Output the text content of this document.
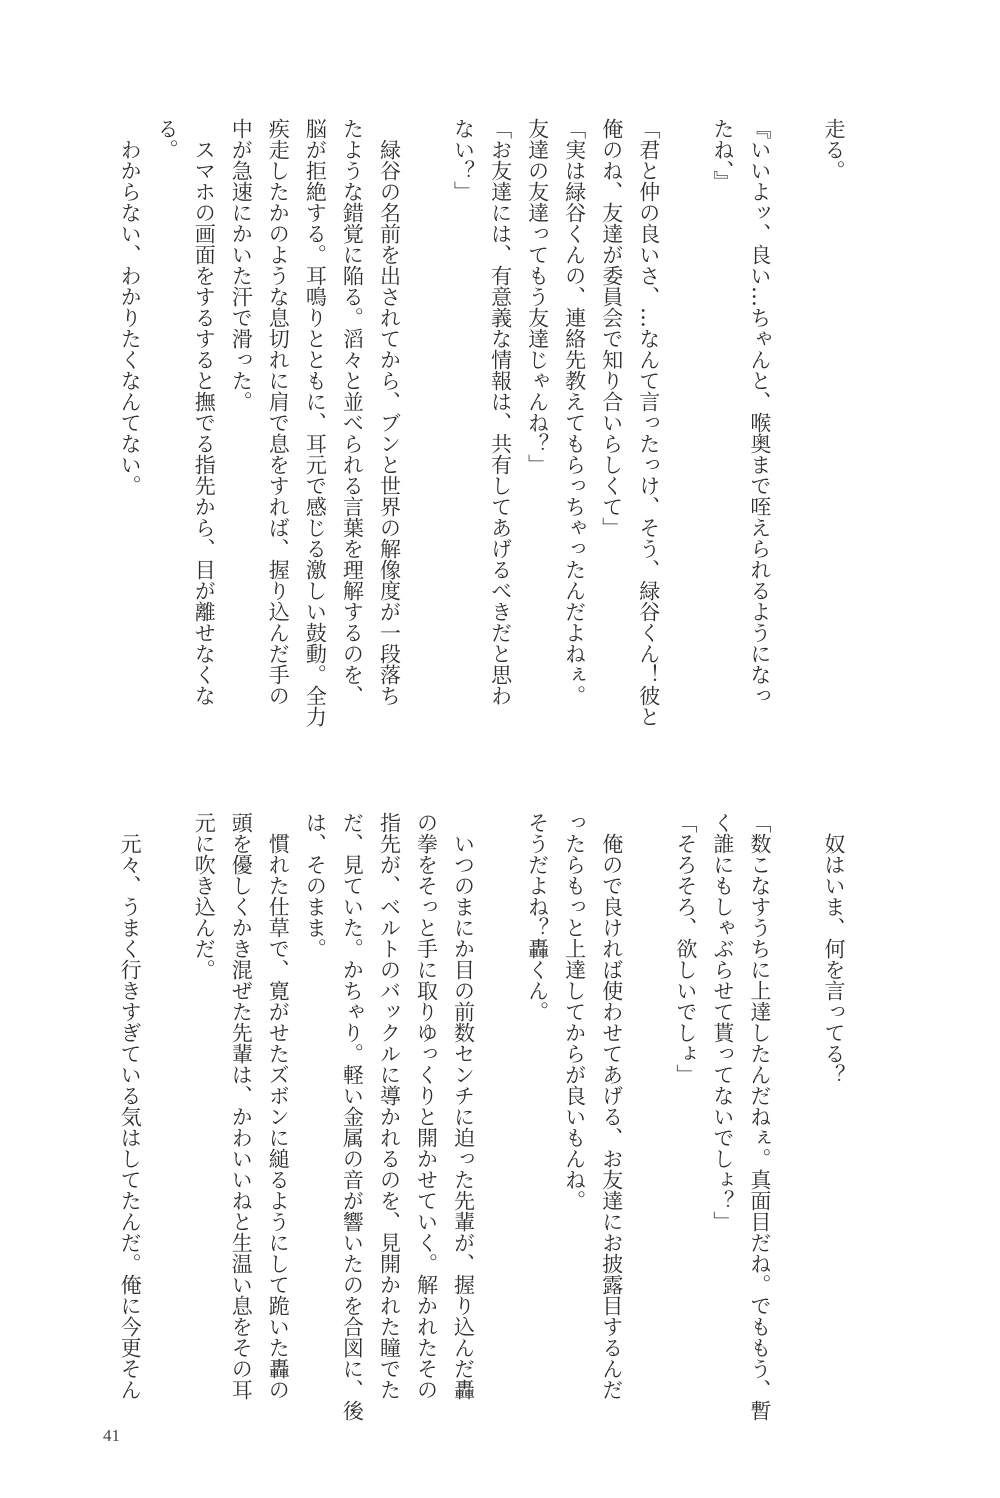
走る。
『いいよッ、良い…ちゃんと、喉奥まで咥えられるようになっ
たね、』
「君と仲の良いさ、…なんて言ったっけ、そう、緑谷くん！彼と
俺のね、友達が委員会で知り合いらしくて」
「実は緑谷くんの、連絡先教えてもらっちゃったんだよねぇ。
友達の友達ってもう友達じゃんね？」
「お友達には、有意義な情報は、共有してあげるべきだと思わ
ない？」
　緑谷の名前を出されてから、ブンと世界の解像度が一段落ち
たような錯覚に陥る。滔々と並べられる言葉を理解するのを、
脳が拒絶する。耳鳴りとともに、耳元で感じる激しい鼓動。全力
疾走したかのような息切れに肩で息をすれば、握り込んだ手の
中が急速にかいた汗で滑った。
　スマホの画面をするすると撫でる指先から、目が離せなくな
る。
　わからない、わかりたくなんてない。
　奴はいま、何を言ってる？
「数こなすうちに上達したんだねぇ。真面目だね。でももう、暫
く誰にもしゃぶらせて貰ってないでしょ？」
「そろそろ、欲しいでしょ」
　俺ので良ければ使わせてあげる、お友達にお披露目するんだ
ったらもっと上達してからが良いもんね。
そうだよね？轟くん。
　いつのまにか目の前数センチに迫った先輩が、握り込んだ轟
の拳をそっと手に取りゆっくりと開かせていく。解かれたその
指先が、ベルトのバックルに導かれるのを、見開かれた瞳でた
だ、見ていた。かちゃり。軽い金属の音が響いたのを合図に、後
は、そのまま。
　慣れた仕草で、寛がせたズボンに縋るようにして跪いた轟の
頭を優しくかき混ぜた先輩は、かわいいねと生温い息をその耳
元に吹き込んだ。
　元々、うまく行きすぎている気はしてたんだ。俺に今更そん
41
